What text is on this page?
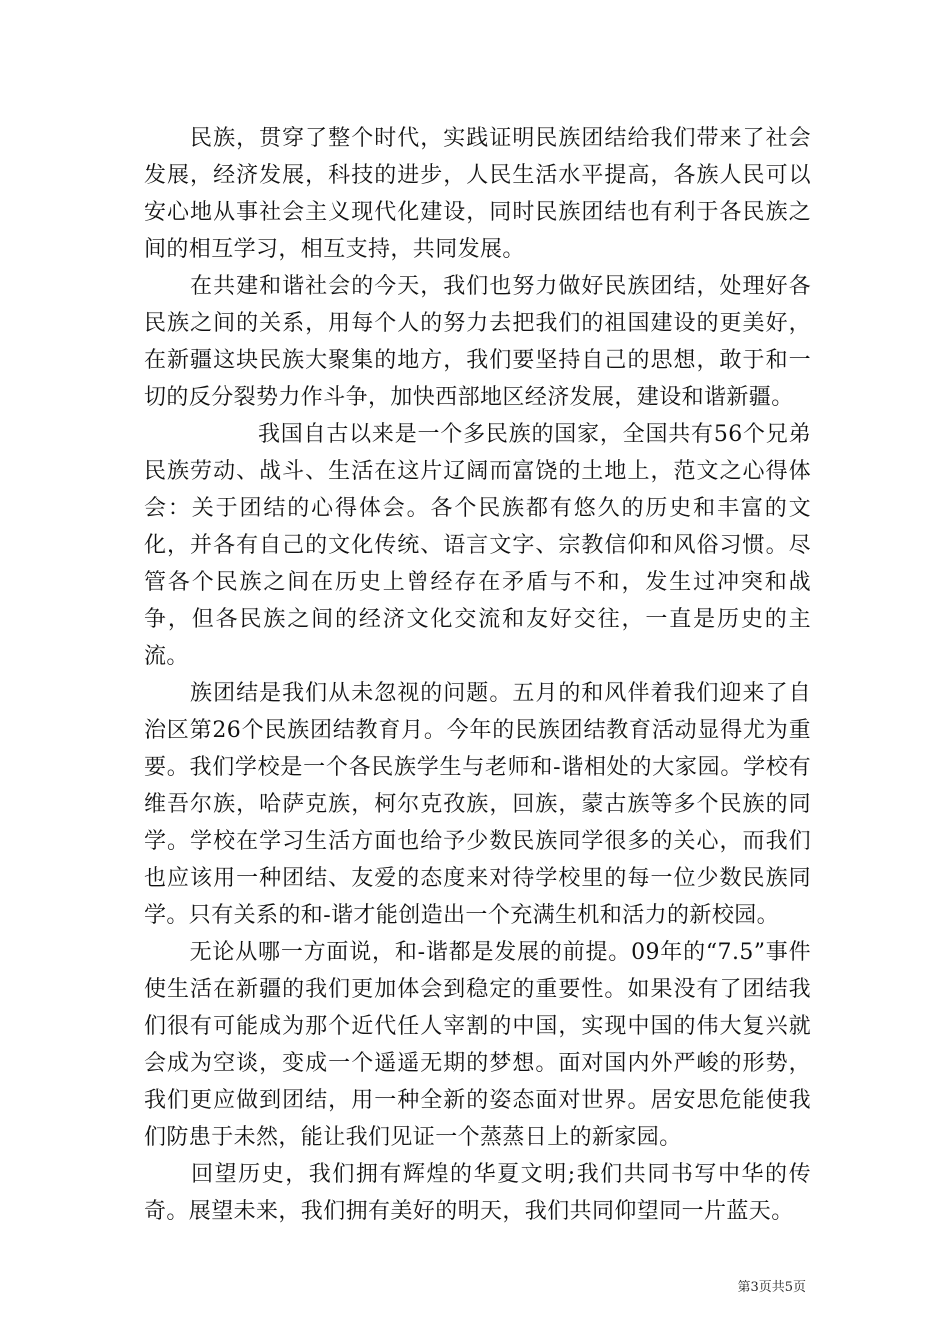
　　民族，贯穿了整个时代，实践证明民族团结给我们带来了社会发展，经济发展，科技的进步，人民生活水平提高，各族人民可以安心地从事社会主义现代化建设，同时民族团结也有利于各民族之间的相互学习，相互支持，共同发展。

　　在共建和谐社会的今天，我们也努力做好民族团结，处理好各民族之间的关系，用每个人的努力去把我们的祖国建设的更美好，在新疆这块民族大聚集的地方，我们要坚持自己的思想，敢于和一切的反分裂势力作斗争，加快西部地区经济发展，建设和谐新疆。

　　　　　我国自古以来是一个多民族的国家，全国共有56个兄弟民族劳动、战斗、生活在这片辽阔而富饶的土地上，范文之心得体会：关于团结的心得体会。各个民族都有悠久的历史和丰富的文化，并各有自己的文化传统、语言文字、宗教信仰和风俗习惯。尽管各个民族之间在历史上曾经存在矛盾与不和，发生过冲突和战争，但各民族之间的经济文化交流和友好交往，一直是历史的主流。

　　族团结是我们从未忽视的问题。五月的和风伴着我们迎来了自治区第26个民族团结教育月。今年的民族团结教育活动显得尤为重要。我们学校是一个各民族学生与老师和-谐相处的大家园。学校有维吾尔族，哈萨克族，柯尔克孜族，回族，蒙古族等多个民族的同学。学校在学习生活方面也给予少数民族同学很多的关心，而我们也应该用一种团结、友爱的态度来对待学校里的每一位少数民族同学。只有关系的和-谐才能创造出一个充满生机和活力的新校园。

　　无论从哪一方面说，和-谐都是发展的前提。09年的“7.5”事件使生活在新疆的我们更加体会到稳定的重要性。如果没有了团结我们很有可能成为那个近代任人宰割的中国，实现中国的伟大复兴就会成为空谈，变成一个遥遥无期的梦想。面对国内外严峻的形势，我们更应做到团结，用一种全新的姿态面对世界。居安思危能使我们防患于未然，能让我们见证一个蒸蒸日上的新家园。

　　回望历史，我们拥有辉煌的华夏文明;我们共同书写中华的传奇。展望未来，我们拥有美好的明天，我们共同仰望同一片蓝天。

第3页共5页
